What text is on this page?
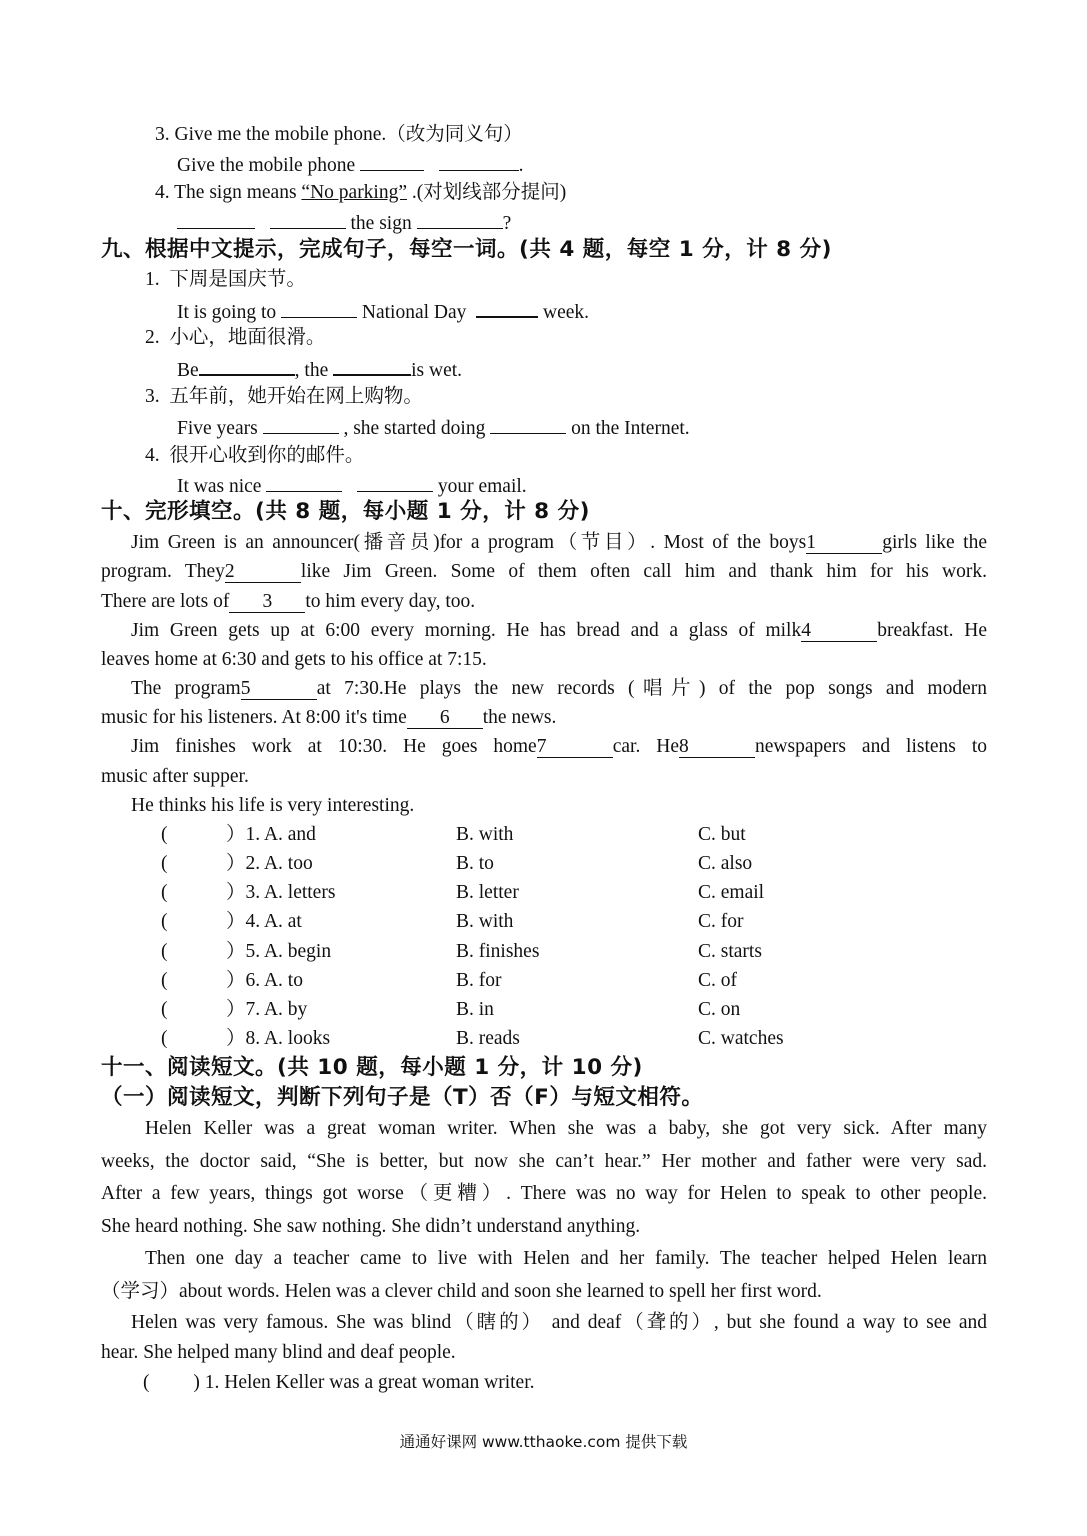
3. Give me the mobile phone.（改为同义句）
Give the mobile phone	.
4. The sign means “No parking” .(对划线部分提问)
the sign	?
九、根据中文提示，完成句子，每空一词。(共 4 题，每空 1 分，计 8 分)
1.  下周是国庆节。
It is going to	National Day	week.
2.  小心，地面很滑。
Be	, the	is wet.
3.  五年前，她开始在网上购物。
Five years	, she started doing	on the Internet.
4.  很开心收到你的邮件。
It was nice	your email.
十、完形填空。(共 8 题，每小题 1 分，计 8 分)
Jim Green is an announcer(播音员)for a program（节目）. Most of the boys1	girls like the
program. They2	like Jim Green. Some of them often call him and thank him for his work.
There are lots of 3 to him every day, too.
Jim Green gets up at 6:00 every morning. He has bread and a glass of milk4	breakfast. He
leaves home at 6:30 and gets to his office at 7:15.
The program5	at 7:30.He plays the new records (唱片) of the pop songs and modern
music for his listeners. At 8:00 it's time 6 the news.
Jim finishes work at 10:30. He goes home7	car. He8	newspapers and listens to
music after supper.
He thinks his life is very interesting.
(	）1. A. and	B. with	C. but
(	）2. A. too	B. to	C. also
(	）3. A. letters	B. letter	C. email
(	）4. A. at	B. with	C. for
(	）5. A. begin	B. finishes	C. starts
(	）6. A. to	B. for	C. of
(	）7. A. by	B. in	C. on
(	）8. A. looks	B. reads	C. watches
十一、阅读短文。(共 10 题，每小题 1 分，计 10 分)
（一）阅读短文，判断下列句子是（T）否（F）与短文相符。
Helen Keller was a great woman writer. When she was a baby, she got very sick. After many
weeks, the doctor said, “She is better, but now she can’t hear.” Her mother and father were very sad.
After a few years, things got worse（更糟）. There was no way for Helen to speak to other people.
She heard nothing. She saw nothing. She didn’t understand anything.
Then one day a teacher came to live with Helen and her family. The teacher helped Helen learn
（学习）about words. Helen was a clever child and soon she learned to spell her first word.
Helen was very famous. She was blind（瞎的） and deaf（聋的）, but she found a way to see and
hear. She helped many blind and deaf people.
( ) 1. Helen Keller was a great woman writer.
通通好课网 www.tthaoke.com 提供下载
